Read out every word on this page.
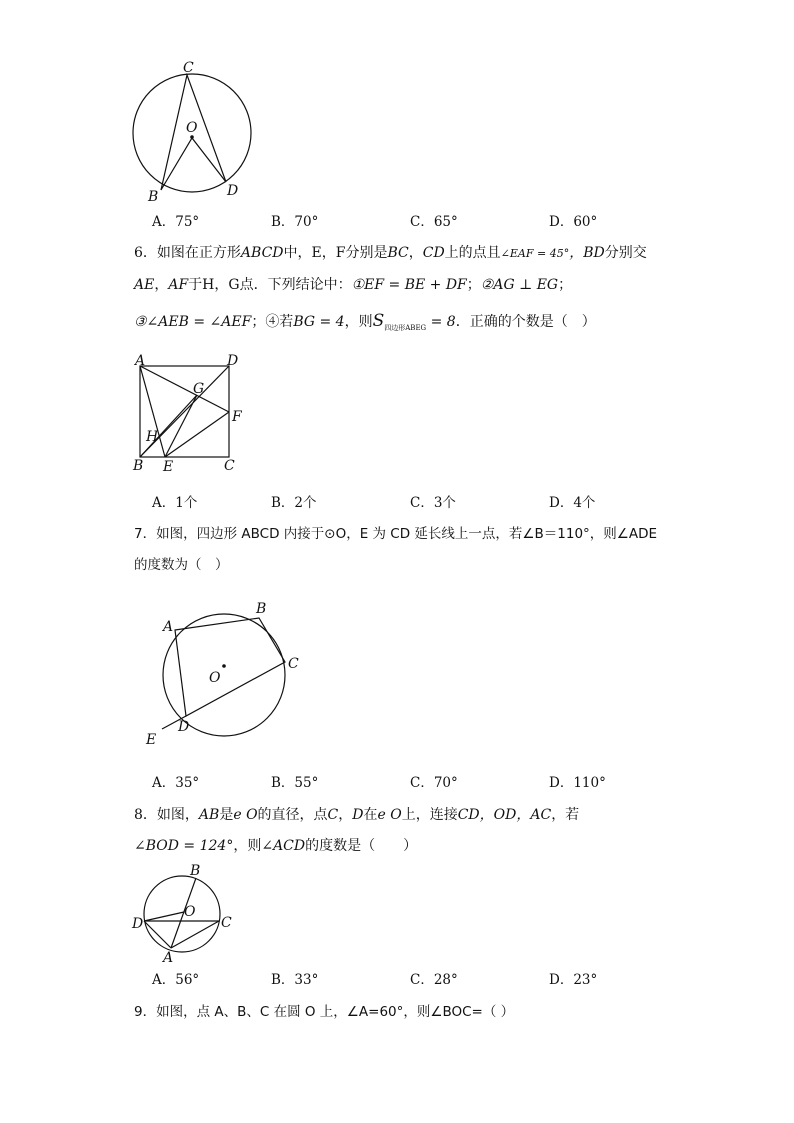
C
O
B	D
A．75°	B．70°	C．65°	D．60°
6．如图在正方形ABCD中，E，F分别是BC，CD上的点且∠EAF = 45°，BD分别交
AE，AF于H，G点．下列结论中：①EF = BE + DF；②AG ⊥ EG；
③∠AEB = ∠AEF；④若BG = 4，则$S_{四边形ABEG} = 8$．正确的个数是（　）
A	D
G
F
H
B E	C
A．1个	B．2个	C．3个	D．4个
7．如图，四边形 ABCD 内接于⊙O，E 为 CD 延长线上一点，若∠B＝110°，则∠ADE
的度数为（　）
A
B
C
O
D
E
A．35°	B．55°	C．70°	D．110°
8．如图，AB是e O的直径，点C，D在e O上，连接CD，OD，AC，若
∠BOD = 124°，则∠ACD的度数是（　　）
B
O
D	C
A
A．56°	B．33°	C．28°	D．23°
9．如图，点 A、B、C 在圆 O 上，∠A=60°，则∠BOC=（ ）
